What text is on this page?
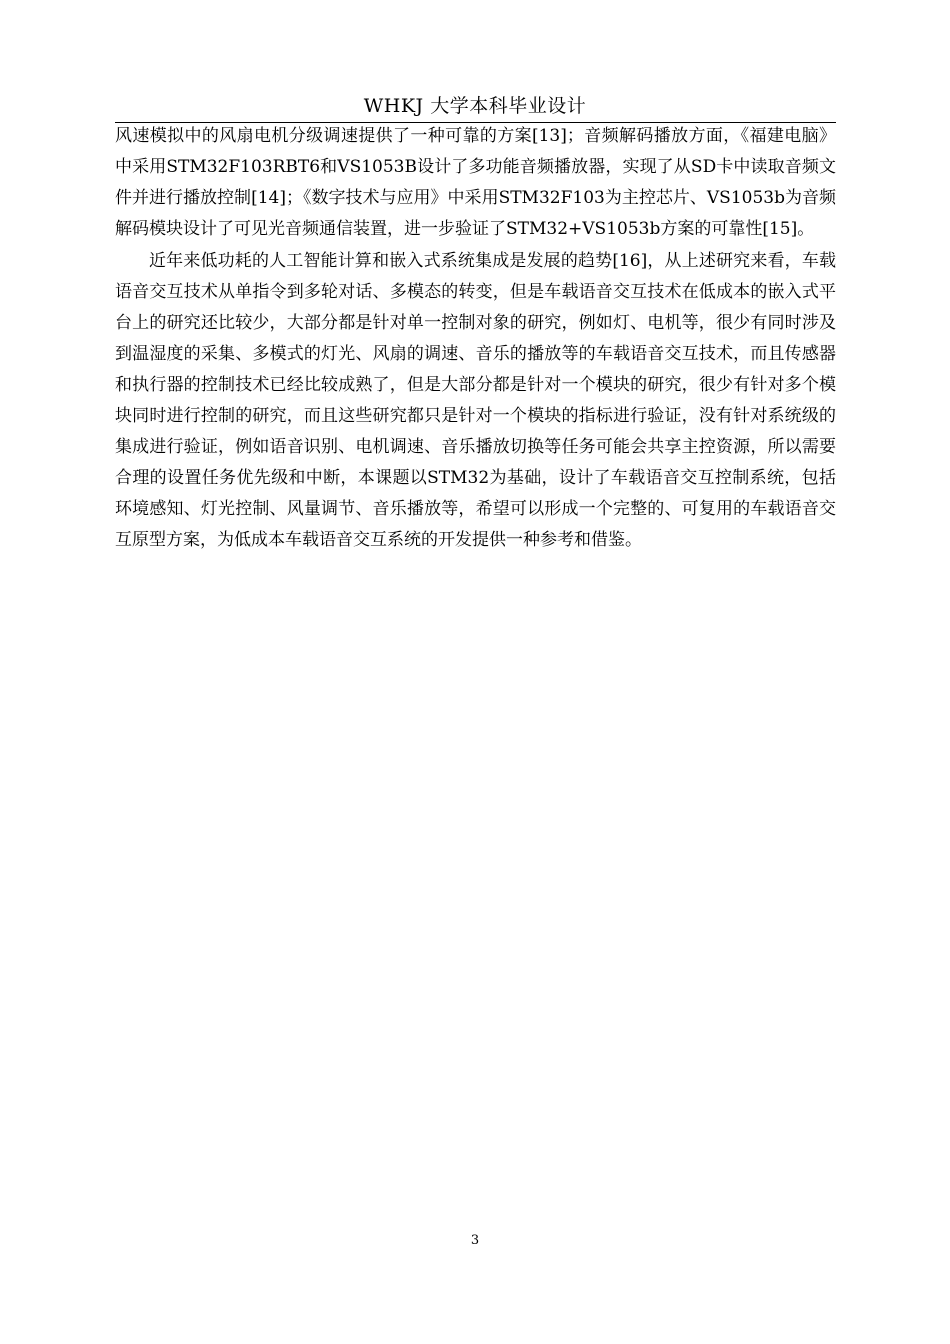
WHKJ 大学本科毕业设计

风速模拟中的风扇电机分级调速提供了一种可靠的方案[13]；音频解码播放方面，《福建电脑》中采用STM32F103RBT6和VS1053B设计了多功能音频播放器，实现了从SD卡中读取音频文件并进行播放控制[14]；《数字技术与应用》中采用STM32F103为主控芯片、VS1053b为音频解码模块设计了可见光音频通信装置，进一步验证了STM32+VS1053b方案的可靠性[15]。

近年来低功耗的人工智能计算和嵌入式系统集成是发展的趋势[16]，从上述研究来看，车载语音交互技术从单指令到多轮对话、多模态的转变，但是车载语音交互技术在低成本的嵌入式平台上的研究还比较少，大部分都是针对单一控制对象的研究，例如灯、电机等，很少有同时涉及到温湿度的采集、多模式的灯光、风扇的调速、音乐的播放等的车载语音交互技术，而且传感器和执行器的控制技术已经比较成熟了，但是大部分都是针对一个模块的研究，很少有针对多个模块同时进行控制的研究，而且这些研究都只是针对一个模块的指标进行验证，没有针对系统级的集成进行验证，例如语音识别、电机调速、音乐播放切换等任务可能会共享主控资源，所以需要合理的设置任务优先级和中断，本课题以STM32为基础，设计了车载语音交互控制系统，包括环境感知、灯光控制、风量调节、音乐播放等，希望可以形成一个完整的、可复用的车载语音交互原型方案，为低成本车载语音交互系统的开发提供一种参考和借鉴。

3
